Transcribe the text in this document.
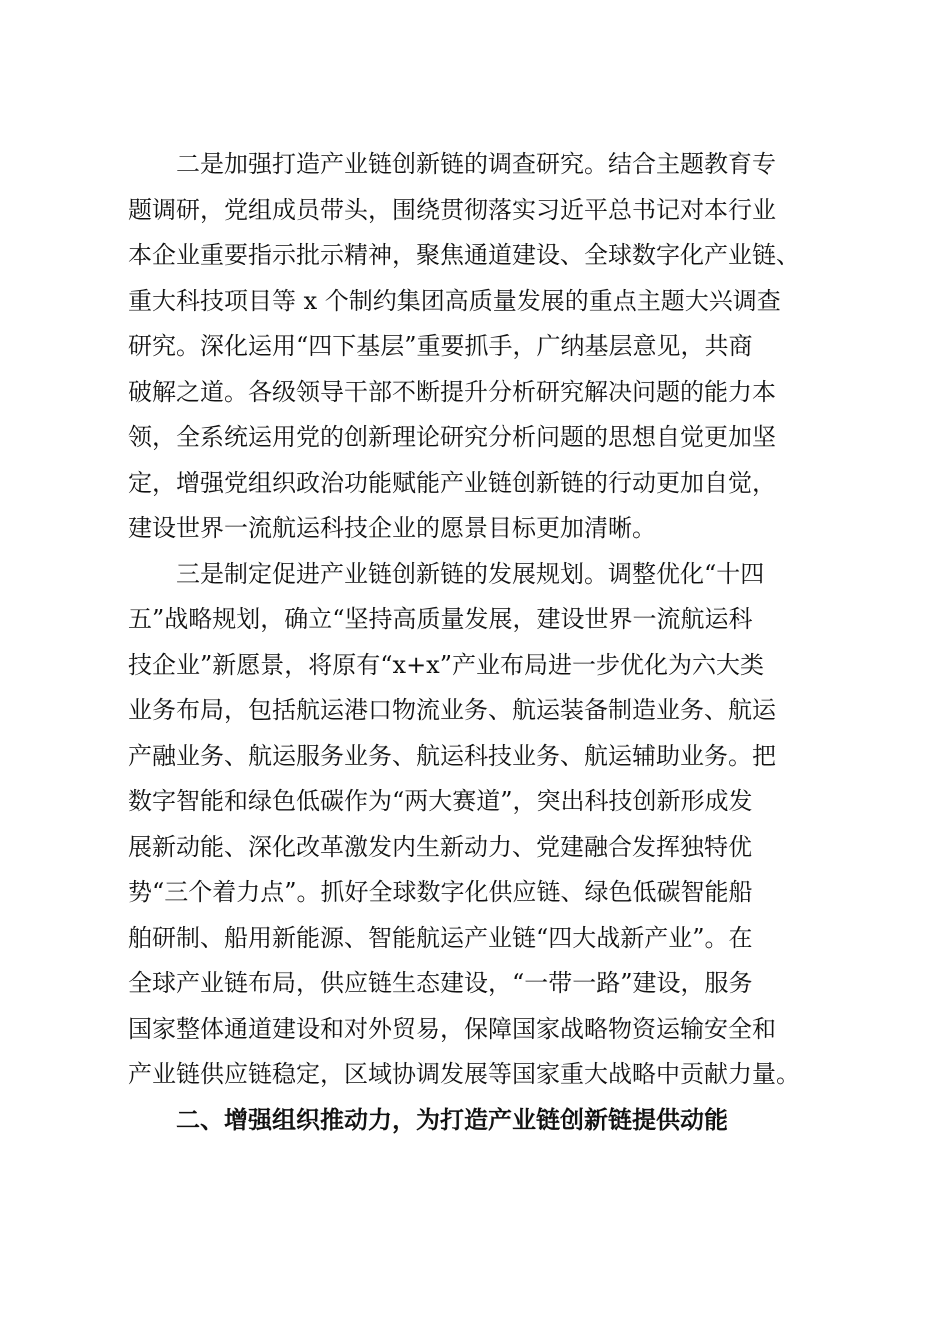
二是加强打造产业链创新链的调查研究。结合主题教育专
题调研，党组成员带头，围绕贯彻落实习近平总书记对本行业
本企业重要指示批示精神，聚焦通道建设、全球数字化产业链、
重大科技项目等 x 个制约集团高质量发展的重点主题大兴调查
研究。深化运用“四下基层”重要抓手，广纳基层意见，共商
破解之道。各级领导干部不断提升分析研究解决问题的能力本
领，全系统运用党的创新理论研究分析问题的思想自觉更加坚
定，增强党组织政治功能赋能产业链创新链的行动更加自觉，
建设世界一流航运科技企业的愿景目标更加清晰。
三是制定促进产业链创新链的发展规划。调整优化“十四
五”战略规划，确立“坚持高质量发展，建设世界一流航运科
技企业”新愿景，将原有“x+x”产业布局进一步优化为六大类
业务布局，包括航运港口物流业务、航运装备制造业务、航运
产融业务、航运服务业务、航运科技业务、航运辅助业务。把
数字智能和绿色低碳作为“两大赛道”，突出科技创新形成发
展新动能、深化改革激发内生新动力、党建融合发挥独特优
势“三个着力点”。抓好全球数字化供应链、绿色低碳智能船
舶研制、船用新能源、智能航运产业链“四大战新产业”。在
全球产业链布局，供应链生态建设，“一带一路”建设，服务
国家整体通道建设和对外贸易，保障国家战略物资运输安全和
产业链供应链稳定，区域协调发展等国家重大战略中贡献力量。
二、增强组织推动力，为打造产业链创新链提供动能
